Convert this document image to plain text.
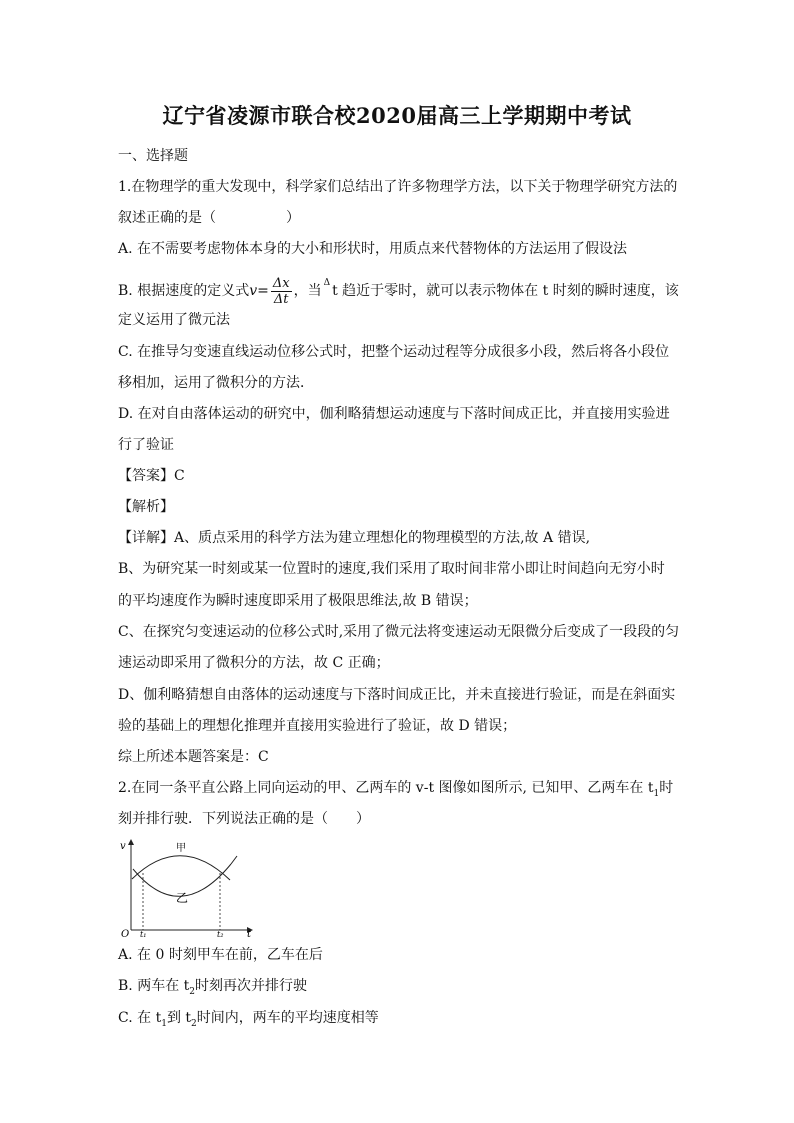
辽宁省凌源市联合校2020届高三上学期期中考试
一、选择题
1.在物理学的重大发现中，科学家们总结出了许多物理学方法，以下关于物理学研究方法的
叙述正确的是（　　　　　）
A. 在不需要考虑物体本身的大小和形状时，用质点来代替物体的方法运用了假设法
B. 根据速度的定义式$v= \frac{\Delta x}{\Delta t}$ ，当 $^\Delta$ t 趋近于零时，就可以表示物体在 t 时刻的瞬时速度，该
定义运用了微元法
C. 在推导匀变速直线运动位移公式时，把整个运动过程等分成很多小段，然后将各小段位
移相加，运用了微积分的方法．
D. 在对自由落体运动的研究中，伽利略猜想运动速度与下落时间成正比，并直接用实验进
行了验证
【答案】C
【解析】
【详解】A、质点采用的科学方法为建立理想化的物理模型的方法,故 A 错误,
B、为研究某一时刻或某一位置时的速度,我们采用了取时间非常小即让时间趋向无穷小时
的平均速度作为瞬时速度即采用了极限思维法,故 B 错误；
C、在探究匀变速运动的位移公式时,采用了微元法将变速运动无限微分后变成了一段段的匀
速运动即采用了微积分的方法，故 C 正确；
D、伽利略猜想自由落体的运动速度与下落时间成正比，并未直接进行验证，而是在斜面实
验的基础上的理想化推理并直接用实验进行了验证，故 D 错误；
综上所述本题答案是：C
2.在同一条平直公路上同向运动的甲、乙两车的 v-t 图像如图所示, 已知甲、乙两车在 $t_1$时
刻并排行驶．下列说法正确的是（　　）
v
t
O t₁	t₂
甲
乙
A. 在 0 时刻甲车在前，乙车在后
B. 两车在 $t_2$时刻再次并排行驶
C. 在 $t_1$到 $t_2$时间内，两车的平均速度相等
